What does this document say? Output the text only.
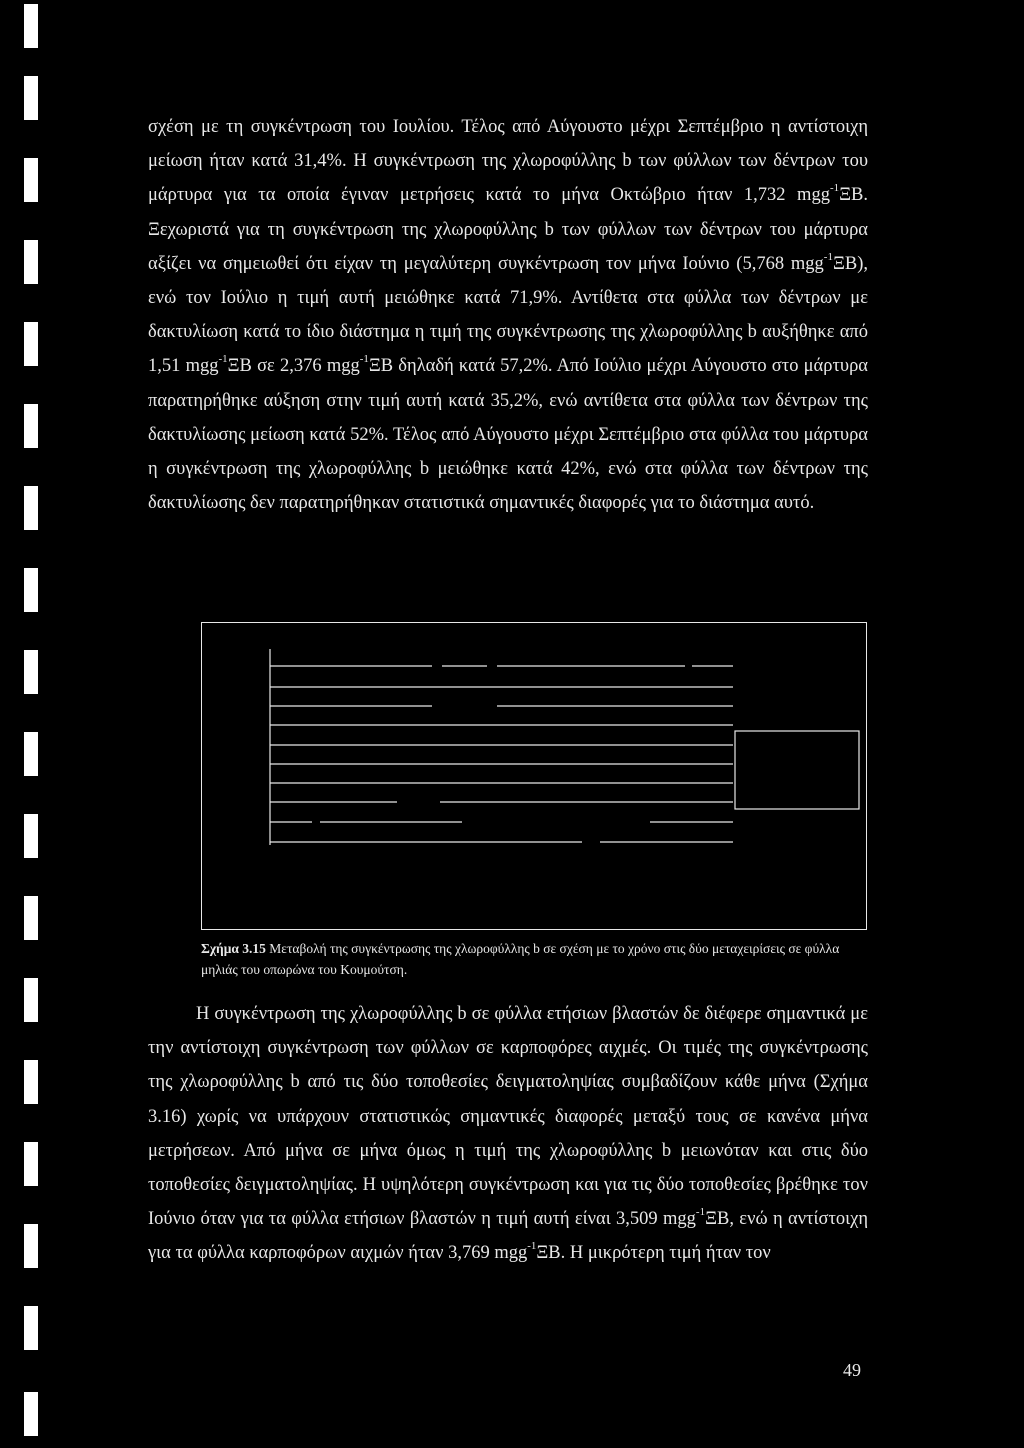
σχέση με τη συγκέντρωση του Ιουλίου. Τέλος από Αύγουστο μέχρι Σεπτέμβριο η αντίστοιχη μείωση ήταν κατά 31,4%. Η συγκέντρωση της χλωροφύλλης b των φύλλων των δέντρων του μάρτυρα για τα οποία έγιναν μετρήσεις κατά το μήνα Οκτώβριο ήταν 1,732 mgg$^{-1}$ΞΒ. Ξεχωριστά για τη συγκέντρωση της χλωροφύλλης b των φύλλων των δέντρων του μάρτυρα αξίζει να σημειωθεί ότι είχαν τη μεγαλύτερη συγκέντρωση τον μήνα Ιούνιο (5,768 mgg$^{-1}$ΞΒ), ενώ τον Ιούλιο η τιμή αυτή μειώθηκε κατά 71,9%. Αντίθετα στα φύλλα των δέντρων με δακτυλίωση κατά το ίδιο διάστημα η τιμή της συγκέντρωσης της χλωροφύλλης b αυξήθηκε από 1,51 mgg$^{-1}$ΞΒ σε 2,376 mgg$^{-1}$ΞΒ δηλαδή κατά 57,2%. Από Ιούλιο μέχρι Αύγουστο στο μάρτυρα παρατηρήθηκε αύξηση στην τιμή αυτή κατά 35,2%, ενώ αντίθετα στα φύλλα των δέντρων της δακτυλίωσης μείωση κατά 52%. Τέλος από Αύγουστο μέχρι Σεπτέμβριο στα φύλλα του μάρτυρα η συγκέντρωση της χλωροφύλλης b μειώθηκε κατά 42%, ενώ στα φύλλα των δέντρων της δακτυλίωσης δεν παρατηρήθηκαν στατιστικά σημαντικές διαφορές για το διάστημα αυτό.

Σχήμα 3.15 Μεταβολή της συγκέντρωσης της χλωροφύλλης b σε σχέση με το χρόνο στις δύο μεταχειρίσεις σε φύλλα μηλιάς του οπωρώνα του Κουμούτση.

Η συγκέντρωση της χλωροφύλλης b σε φύλλα ετήσιων βλαστών δε διέφερε σημαντικά με την αντίστοιχη συγκέντρωση των φύλλων σε καρποφόρες αιχμές. Οι τιμές της συγκέντρωσης της χλωροφύλλης b από τις δύο τοποθεσίες δειγματοληψίας συμβαδίζουν κάθε μήνα (Σχήμα 3.16) χωρίς να υπάρχουν στατιστικώς σημαντικές διαφορές μεταξύ τους σε κανένα μήνα μετρήσεων. Από μήνα σε μήνα όμως η τιμή της χλωροφύλλης b μειωνόταν και στις δύο τοποθεσίες δειγματοληψίας. Η υψηλότερη συγκέντρωση και για τις δύο τοποθεσίες βρέθηκε τον Ιούνιο όταν για τα φύλλα ετήσιων βλαστών η τιμή αυτή είναι 3,509 mgg$^{-1}$ΞΒ, ενώ η αντίστοιχη για τα φύλλα καρποφόρων αιχμών ήταν 3,769 mgg$^{-1}$ΞΒ. Η μικρότερη τιμή ήταν τον

49
